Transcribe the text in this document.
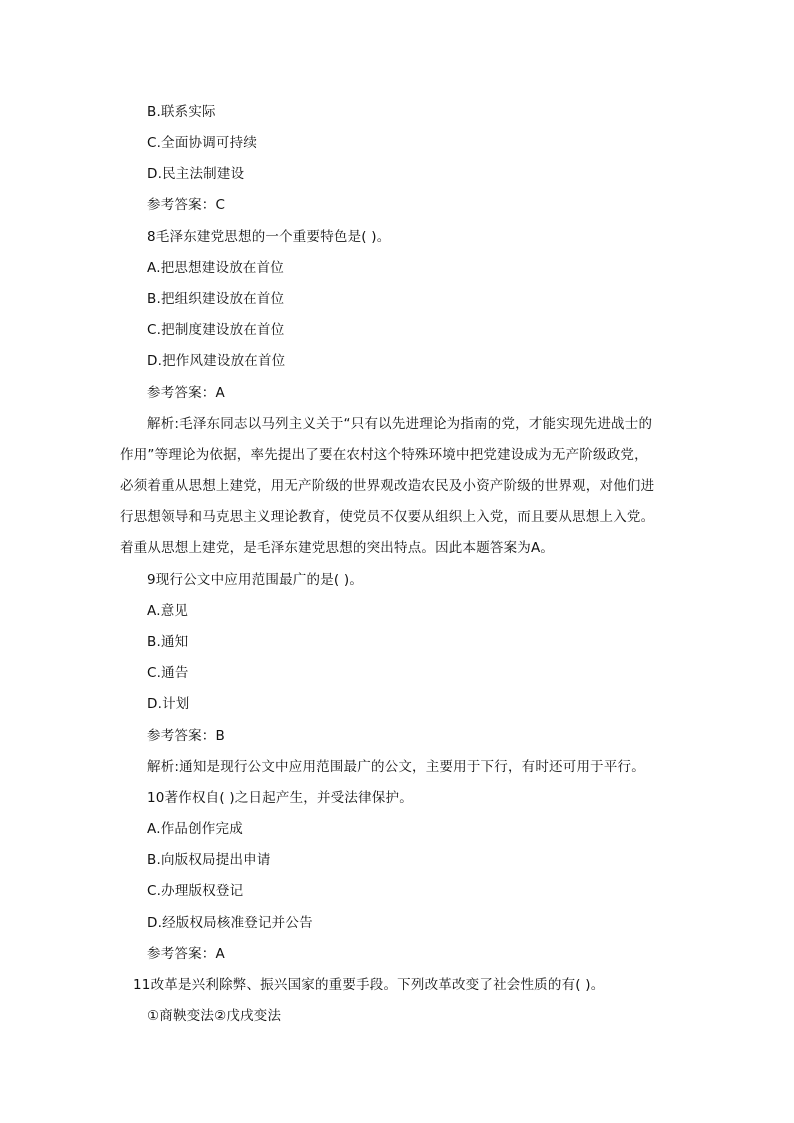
B.联系实际
C.全面协调可持续
D.民主法制建设
参考答案：C
8毛泽东建党思想的一个重要特色是( )。
A.把思想建设放在首位
B.把组织建设放在首位
C.把制度建设放在首位
D.把作风建设放在首位
参考答案：A
解析:毛泽东同志以马列主义关于“只有以先进理论为指南的党，才能实现先进战士的
作用”等理论为依据，率先提出了要在农村这个特殊环境中把党建设成为无产阶级政党，
必须着重从思想上建党，用无产阶级的世界观改造农民及小资产阶级的世界观，对他们进
行思想领导和马克思主义理论教育，使党员不仅要从组织上入党，而且要从思想上入党。
着重从思想上建党，是毛泽东建党思想的突出特点。因此本题答案为A。
9现行公文中应用范围最广的是( )。
A.意见
B.通知
C.通告
D.计划
参考答案：B
解析:通知是现行公文中应用范围最广的公文，主要用于下行，有时还可用于平行。
10著作权自( )之日起产生，并受法律保护。
A.作品创作完成
B.向版权局提出申请
C.办理版权登记
D.经版权局核准登记并公告
参考答案：A
11改革是兴利除弊、振兴国家的重要手段。下列改革改变了社会性质的有( )。
①商鞅变法②戊戌变法
